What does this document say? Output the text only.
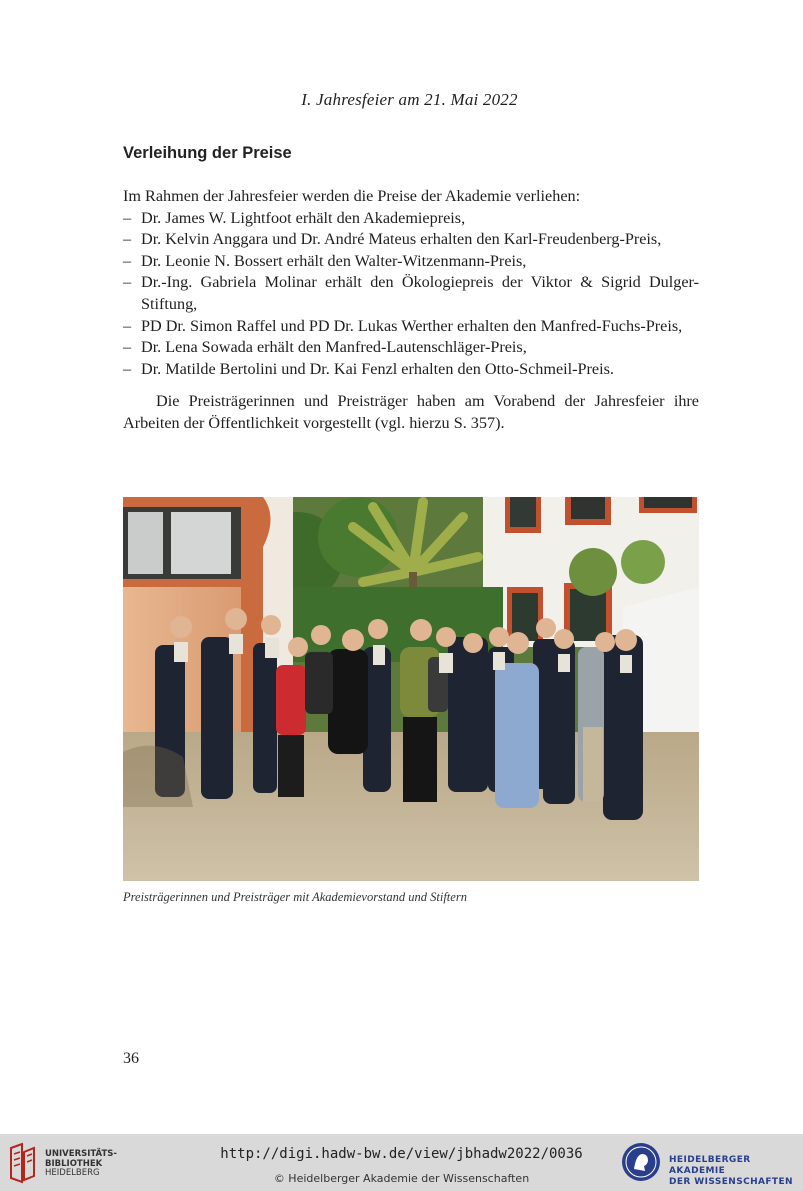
I. Jahresfeier am 21. Mai 2022
Verleihung der Preise

Im Rahmen der Jahresfeier werden die Preise der Akademie verliehen:

– Dr. James W. Lightfoot erhält den Akademiepreis,
– Dr. Kelvin Anggara und Dr. André Mateus erhalten den Karl-Freudenberg-Preis,
– Dr. Leonie N. Bossert erhält den Walter-Witzenmann-Preis,
– Dr.-Ing. Gabriela Molinar erhält den Ökologiepreis der Viktor & Sigrid Dulger-Stiftung,
– PD Dr. Simon Raffel und PD Dr. Lukas Werther erhalten den Manfred-Fuchs-Preis,
– Dr. Lena Sowada erhält den Manfred-Lautenschläger-Preis,
– Dr. Matilde Bertolini und Dr. Kai Fenzl erhalten den Otto-Schmeil-Preis.

Die Preisträgerinnen und Preisträger haben am Vorabend der Jahresfeier ihre Arbeiten der Öffentlichkeit vorgestellt (vgl. hierzu S. 357).

Preisträgerinnen und Preisträger mit Akademievorstand und Stiftern
36
UNIVERSITÄTS-
BIBLIOTHEK
HEIDELBERG
http://digi.hadw-bw.de/view/jbhadw2022/0036
© Heidelberger Akademie der Wissenschaften
HEIDELBERGER AKADEMIE
DER WISSENSCHAFTEN
